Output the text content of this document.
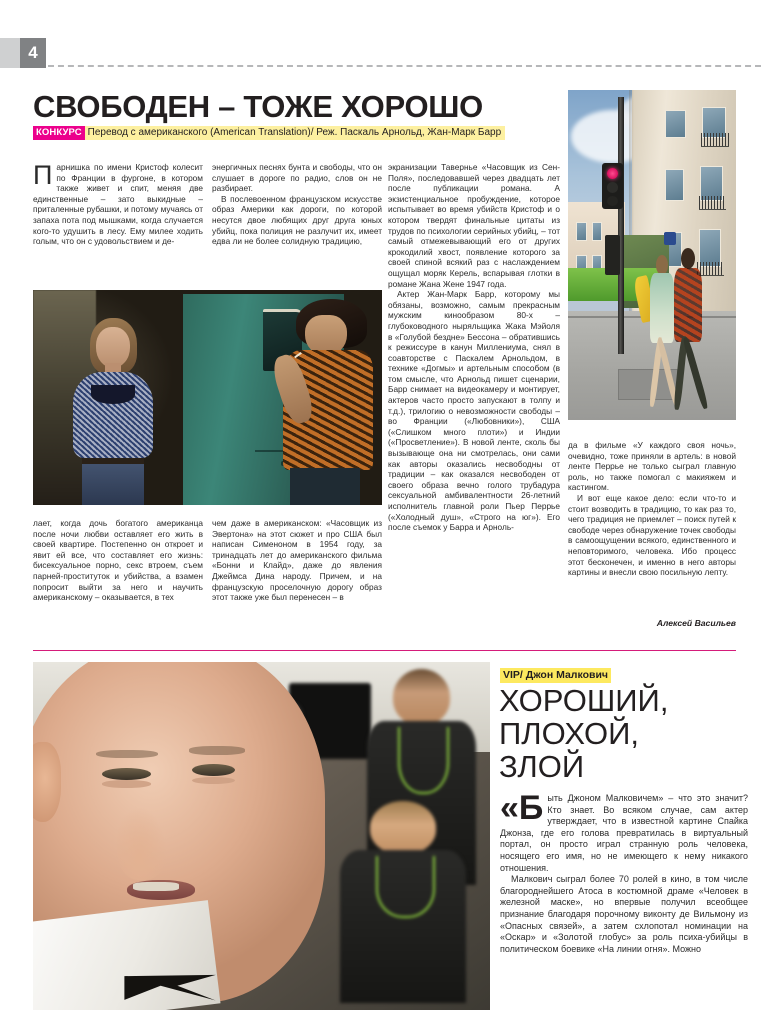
4
СВОБОДЕН – ТОЖЕ ХОРОШО
КОНКУРС Перевод с американского (American Translation)/ Реж. Паскаль Арнольд, Жан-Марк Барр
П арнишка по имени Кристоф колесит по Франции в фургоне, в котором также живет и спит, меняя две единственные – зато выкидные – приталенные рубашки, и потому мучаясь от запаха пота под мышками, когда случается кого-то удушить в лесу. Ему милее ходить голым, что он с удовольствием и де-

энергичных песнях бунта и свободы, что он слушает в дороге по радио, слов он не разбирает.

В послевоенном французском искусстве образ Америки как дороги, по которой несутся двое любящих друг друга юных убийц, пока полиция не разлучит их, имеет едва ли не более солидную традицию,

экранизации Тавернье «Часовщик из Сен-Поля», последовавшей через двадцать лет после публикации романа. А экзистенциальное пробуждение, которое испытывает во время убийств Кристоф и о котором твердят финальные цитаты из трудов по психологии серийных убийц, – тот самый отмежевывающий его от других крокодилий хвост, появление которого за своей спиной всякий раз с наслаждением ощущал моряк Керель, вспарывая глотки в романе Жана Жене 1947 года.

Актер Жан-Марк Барр, которому мы обязаны, возможно, самым прекрасным мужским кинообразом 80-х – глубоководного ныряльщика Жака Мэйоля в «Голубой бездне» Бессона – обратившись к режиссуре в канун Миллениума, снял в соавторстве с Паскалем Арнольдом, в технике «Догмы» и артельным способом (в том смысле, что Арнольд пишет сценарии, Барр снимает на видеокамеру и монтирует, актеров часто просто запускают в толпу и т.д.), трилогию о невозможности свободы – во Франции («Любовники»), США («Слишком много плоти») и Индии («Просветление»). В новой ленте, сколь бы вызывающе она ни смотрелась, они сами как авторы оказались несвободны от традиции – как оказался несвободен от своего образа вечно голого трубадура сексуальной амбивалентности 26-летний исполнитель главной роли Пьер Перрье («Холодный душ», «Строго на юг»). Его после съемок у Барра и Арноль-

лает, когда дочь богатого американца после ночи любви оставляет его жить в своей квартире. Постепенно он откроет и явит ей все, что составляет его жизнь: бисексуальное порно, секс втроем, съем парней-проституток и убийства, а взамен попросит выйти за него и научить американскому – оказывается, в тех

чем даже в американском: «Часовщик из Эвертона» на этот сюжет и про США был написан Сименоном в 1954 году, за тринадцать лет до американского фильма «Бонни и Клайд», даже до явления Джеймса Дина народу. Причем, и на французскую проселочную дорогу образ этот также уже был перенесен – в

да в фильме «У каждого своя ночь», очевидно, тоже приняли в артель: в новой ленте Перрье не только сыграл главную роль, но также помогал с макияжем и кастингом.

И вот еще какое дело: если что-то и стоит возводить в традицию, то как раз то, чего традиция не приемлет – поиск путей к свободе через обнаружение точек свободы в самоощущении всякого, единственного и неповторимого, человека. Ибо процесс этот бесконечен, и именно в него авторы картины и внесли свою посильную лепту.

Алексей Васильев
VIP/ Джон Малкович
ХОРОШИЙ,
ПЛОХОЙ,
ЗЛОЙ
«Б ыть Джоном Малковичем» – что это значит? Кто знает. Во всяком случае, сам актер утверждает, что в известной картине Спайка Джонза, где его голова превратилась в виртуальный портал, он просто играл странную роль человека, носящего его имя, но не имеющего к нему никакого отношения.

Малкович сыграл более 70 ролей в кино, в том числе благороднейшего Атоса в костюмной драме «Человек в железной маске», но впервые получил всеобщее признание благодаря порочному виконту де Вильмону из «Опасных связей», а затем схлопотал номинации на «Оскар» и «Золотой глобус» за роль психа-убийцы в политическом боевике «На линии огня». Можно
